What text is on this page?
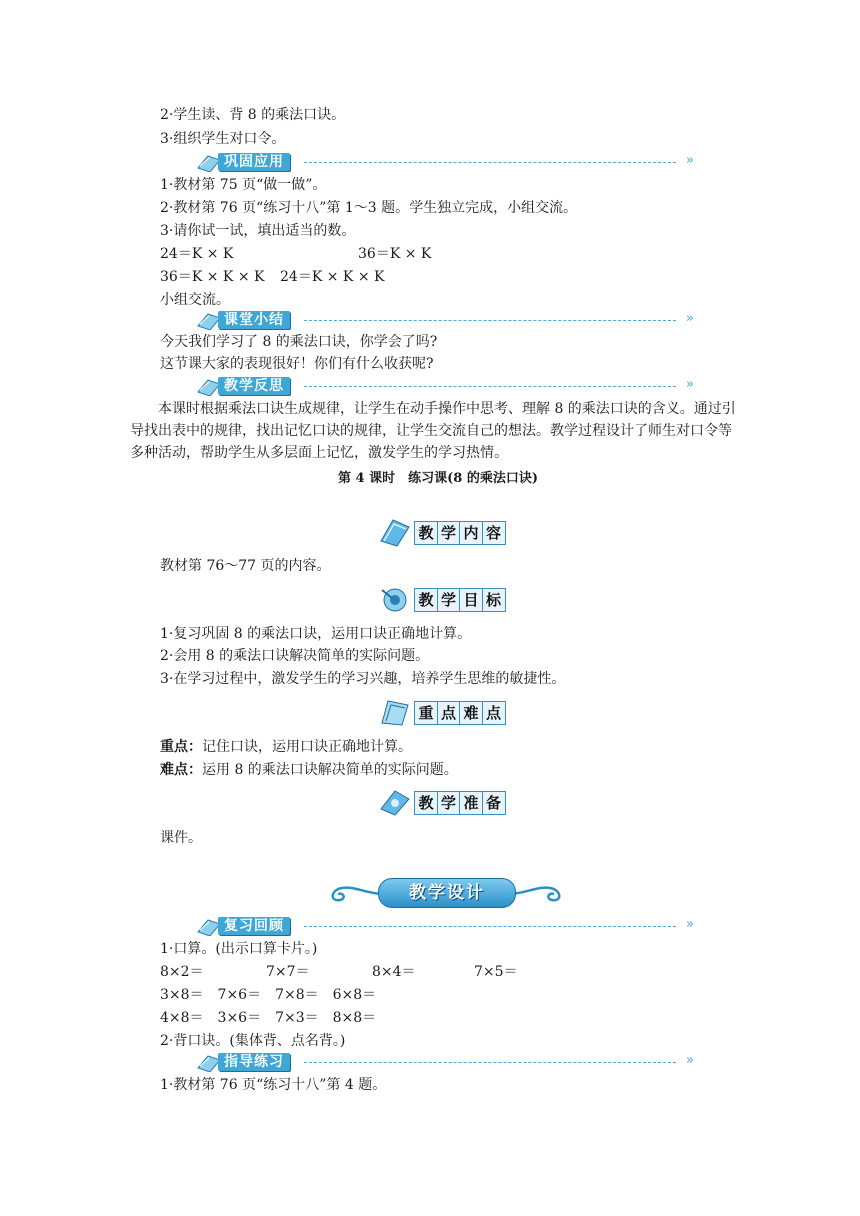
2·学生读、背 8 的乘法口诀。
3·组织学生对口令。
巩固应用	»
1·教材第 75 页“做一做”。
2·教材第 76 页“练习十八”第 1～3 题。学生独立完成，小组交流。
3·请你试一试，填出适当的数。
24＝K × K	36＝K × K
36＝K × K × K 24＝K × K × K
小组交流。
课堂小结	»
今天我们学习了 8 的乘法口诀，你学会了吗?
这节课大家的表现很好！你们有什么收获呢?
教学反思	»
本课时根据乘法口诀生成规律，让学生在动手操作中思考、理解 8 的乘法口诀的含义。通过引导找出表中的规律，找出记忆口诀的规律，让学生交流自己的想法。教学过程设计了师生对口令等多种活动，帮助学生从多层面上记忆，激发学生的学习热情。
第 4 课时　练习课(8 的乘法口诀)
教 学 内 容
教材第 76～77 页的内容。
教 学 目 标
1·复习巩固 8 的乘法口诀，运用口诀正确地计算。
2·会用 8 的乘法口诀解决简单的实际问题。
3·在学习过程中，激发学生的学习兴趣，培养学生思维的敏捷性。
重 点 难 点
重点：记住口诀，运用口诀正确地计算。
难点：运用 8 的乘法口诀解决简单的实际问题。
教 学 准 备
课件。
教学设计
复习回顾	»
1·口算。(出示口算卡片。)
8×2＝	7×7＝	8×4＝	7×5＝
3×8＝　7×6＝　7×8＝　6×8＝
4×8＝　3×6＝　7×3＝　8×8＝
2·背口诀。(集体背、点名背。)
指导练习	»
1·教材第 76 页“练习十八”第 4 题。
